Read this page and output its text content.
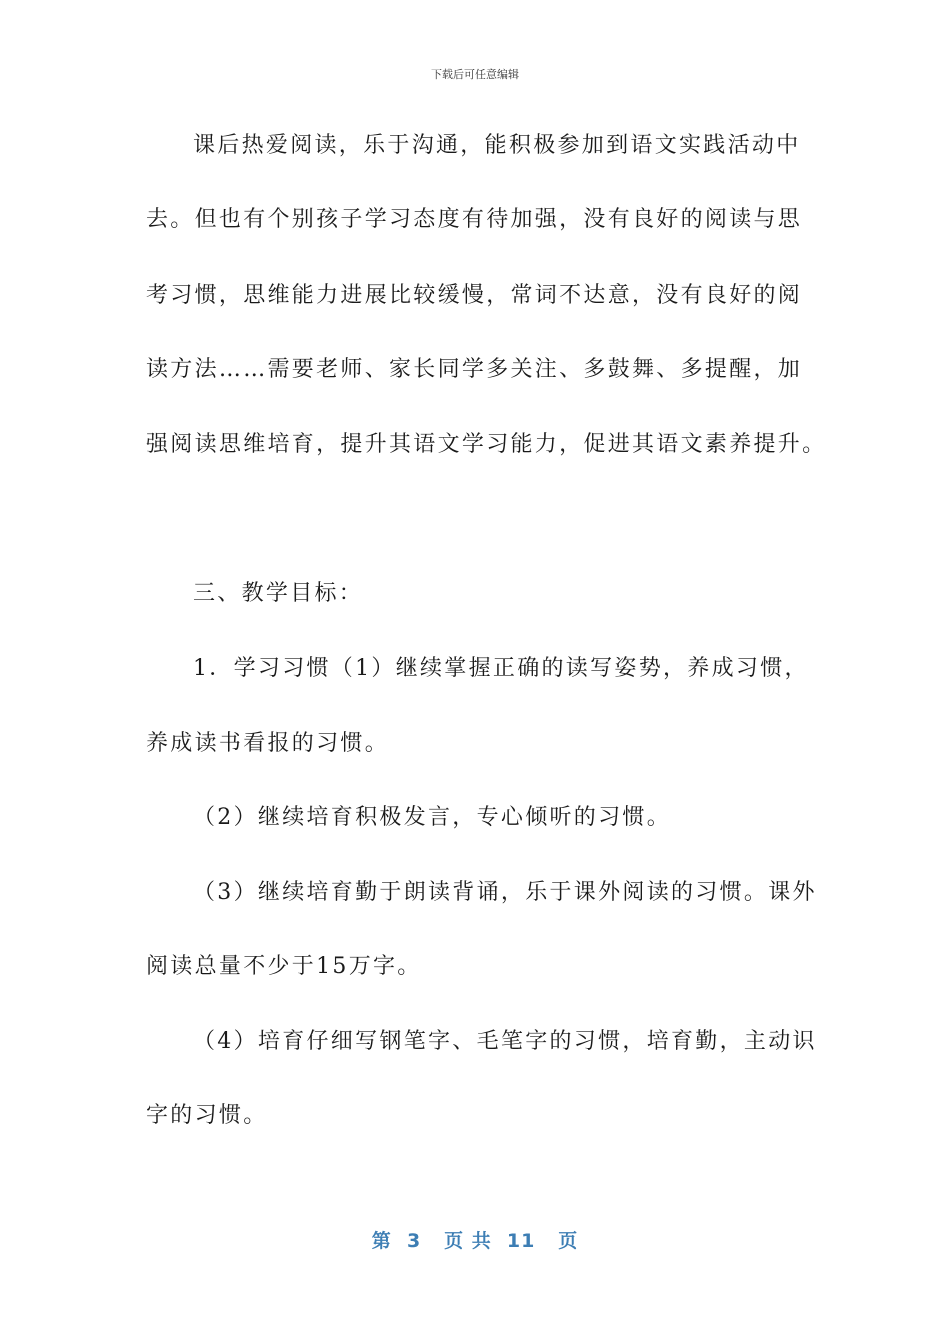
下载后可任意编辑
课后热爱阅读，乐于沟通，能积极参加到语文实践活动中
去。但也有个别孩子学习态度有待加强，没有良好的阅读与思
考习惯，思维能力进展比较缓慢，常词不达意，没有良好的阅
读方法……需要老师、家长同学多关注、多鼓舞、多提醒，加
强阅读思维培育，提升其语文学习能力，促进其语文素养提升。
三、教学目标：
1．学习习惯（1）继续掌握正确的读写姿势，养成习惯，
养成读书看报的习惯。
（2）继续培育积极发言，专心倾听的习惯。
（3）继续培育勤于朗读背诵，乐于课外阅读的习惯。课外
阅读总量不少于15万字。
（4）培育仔细写钢笔字、毛笔字的习惯，培育勤，主动识
字的习惯。
第  3   页 共  11   页
